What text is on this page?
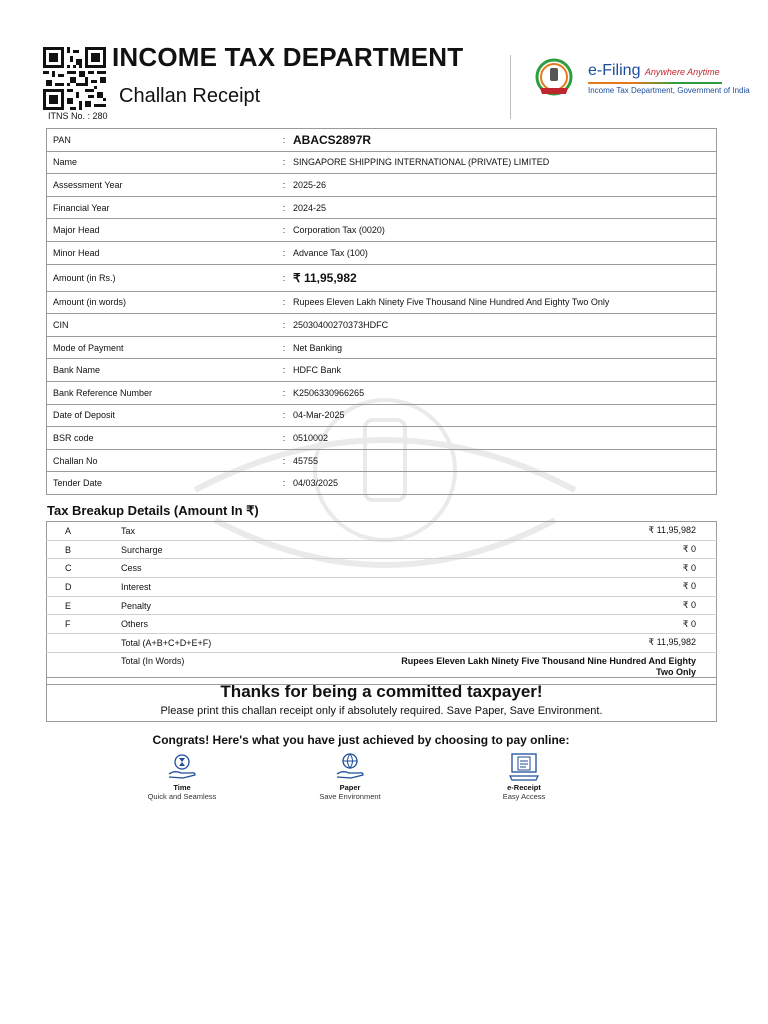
INCOME TAX DEPARTMENT
Challan Receipt
ITNS No. : 280
e-Filing Anywhere Anytime
Income Tax Department, Government of India
PAN	:	ABACS2897R
Name	:	SINGAPORE SHIPPING INTERNATIONAL (PRIVATE) LIMITED
Assessment Year	:	2025-26
Financial Year	:	2024-25
Major Head	:	Corporation Tax (0020)
Minor Head	:	Advance Tax (100)
Amount (in Rs.)	:	₹ 11,95,982
Amount (in words)	:	Rupees Eleven Lakh Ninety Five Thousand Nine Hundred And Eighty Two Only
CIN	:	25030400270373HDFC
Mode of Payment	:	Net Banking
Bank Name	:	HDFC Bank
Bank Reference Number	:	K2506330966265
Date of Deposit	:	04-Mar-2025
BSR code	:	0510002
Challan No	:	45755
Tender Date	:	04/03/2025
Tax Breakup Details (Amount In ₹)
A	Tax	₹ 11,95,982
B	Surcharge	₹ 0
C	Cess	₹ 0
D	Interest	₹ 0
E	Penalty	₹ 0
F	Others	₹ 0
	Total (A+B+C+D+E+F)	₹ 11,95,982
	Total (In Words)	Rupees Eleven Lakh Ninety Five Thousand Nine Hundred And Eighty
Two Only
Thanks for being a committed taxpayer!
Please print this challan receipt only if absolutely required. Save Paper, Save Environment.
Congrats! Here's what you have just achieved by choosing to pay online:
Time
Quick and Seamless
Paper
Save Environment
e-Receipt
Easy Access
